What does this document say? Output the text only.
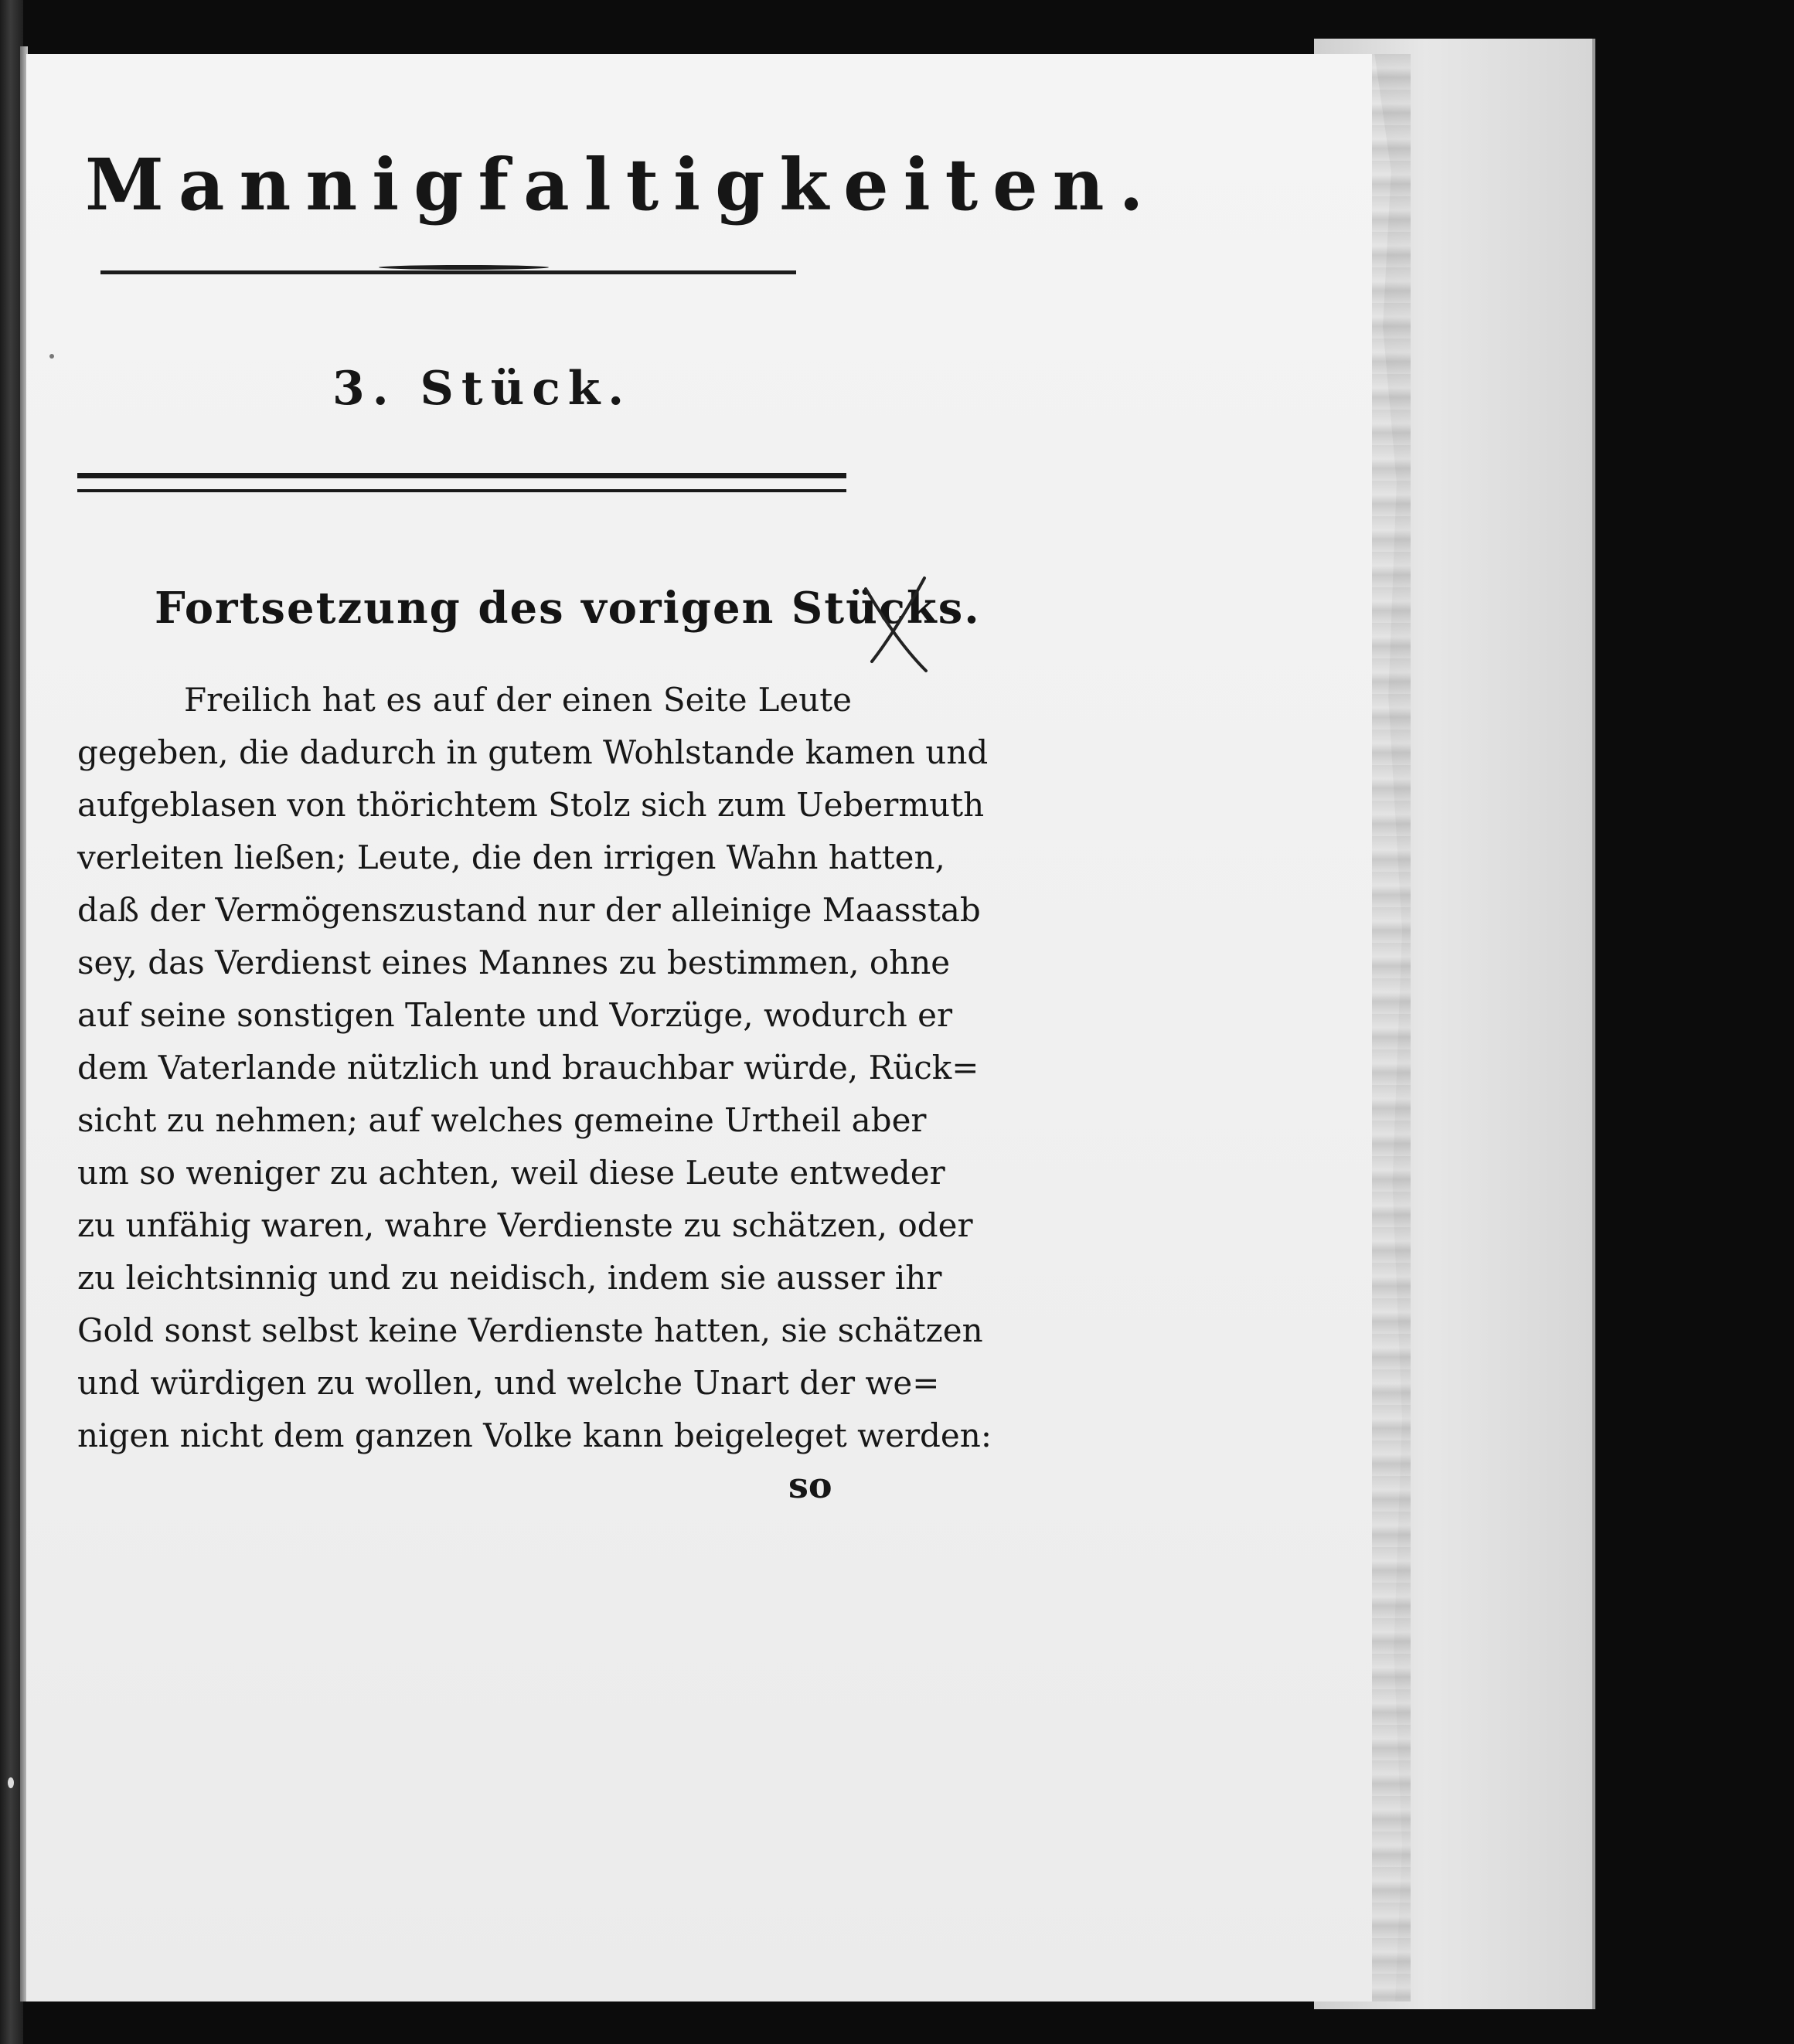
Mannigfaltigkeiten.
3. Stück.
Fortsetzung des vorigen Stücks.
Freilich hat es auf der einen Seite Leute
gegeben, die dadurch in gutem Wohlstande kamen und
aufgeblasen von thörichtem Stolz sich zum Uebermuth
verleiten ließen; Leute, die den irrigen Wahn hatten,
daß der Vermögenszustand nur der alleinige Maasstab
sey, das Verdienst eines Mannes zu bestimmen, ohne
auf seine sonstigen Talente und Vorzüge, wodurch er
dem Vaterlande nützlich und brauchbar würde, Rück=
sicht zu nehmen; auf welches gemeine Urtheil aber
um so weniger zu achten, weil diese Leute entweder
zu unfähig waren, wahre Verdienste zu schätzen, oder
zu leichtsinnig und zu neidisch, indem sie ausser ihr
Gold sonst selbst keine Verdienste hatten, sie schätzen
und würdigen zu wollen, und welche Unart der we=
nigen nicht dem ganzen Volke kann beigeleget werden:
so
